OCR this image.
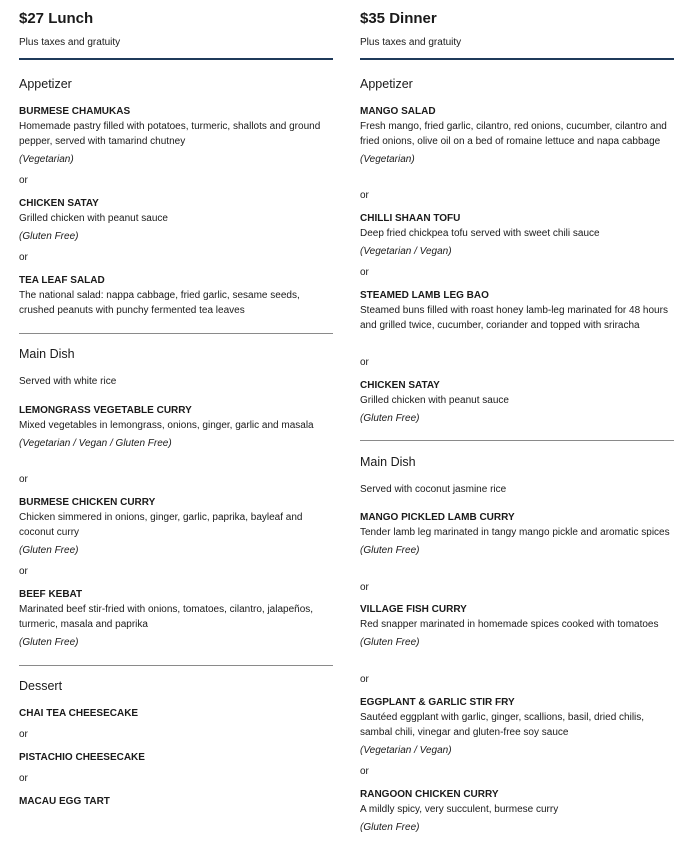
$27 Lunch
Plus taxes and gratuity
Appetizer
BURMESE CHAMUKAS
Homemade pastry filled with potatoes, turmeric, shallots and ground pepper, served with tamarind chutney
(Vegetarian)
or
CHICKEN SATAY
Grilled chicken with peanut sauce
(Gluten Free)
or
TEA LEAF SALAD
The national salad: nappa cabbage, fried garlic, sesame seeds, crushed peanuts with punchy fermented tea leaves
Main Dish
Served with white rice
LEMONGRASS VEGETABLE CURRY
Mixed vegetables in lemongrass, onions, ginger, garlic and masala
(Vegetarian / Vegan / Gluten Free)
or
BURMESE CHICKEN CURRY
Chicken simmered in onions, ginger, garlic, paprika, bayleaf and coconut curry
(Gluten Free)
or
BEEF KEBAT
Marinated beef stir-fried with onions, tomatoes, cilantro, jalapeños, turmeric, masala and paprika
(Gluten Free)
Dessert
CHAI TEA CHEESECAKE
or
PISTACHIO CHEESECAKE
or
MACAU EGG TART
$35 Dinner
Plus taxes and gratuity
Appetizer
MANGO SALAD
Fresh mango, fried garlic, cilantro, red onions, cucumber, cilantro and fried onions, olive oil on a bed of romaine lettuce and napa cabbage
(Vegetarian)
or
CHILLI SHAAN TOFU
Deep fried chickpea tofu served with sweet chili sauce
(Vegetarian / Vegan)
or
STEAMED LAMB LEG BAO
Steamed buns filled with roast honey lamb-leg marinated for 48 hours and grilled twice, cucumber, coriander and topped with sriracha
or
CHICKEN SATAY
Grilled chicken with peanut sauce
(Gluten Free)
Main Dish
Served with coconut jasmine rice
MANGO PICKLED LAMB CURRY
Tender lamb leg marinated in tangy mango pickle and aromatic spices
(Gluten Free)
or
VILLAGE FISH CURRY
Red snapper marinated in homemade spices cooked with tomatoes
(Gluten Free)
or
EGGPLANT & GARLIC STIR FRY
Sautéed eggplant with garlic, ginger, scallions, basil, dried chilis, sambal chili, vinegar and gluten-free soy sauce
(Vegetarian / Vegan)
or
RANGOON CHICKEN CURRY
A mildly spicy, very succulent, burmese curry
(Gluten Free)
